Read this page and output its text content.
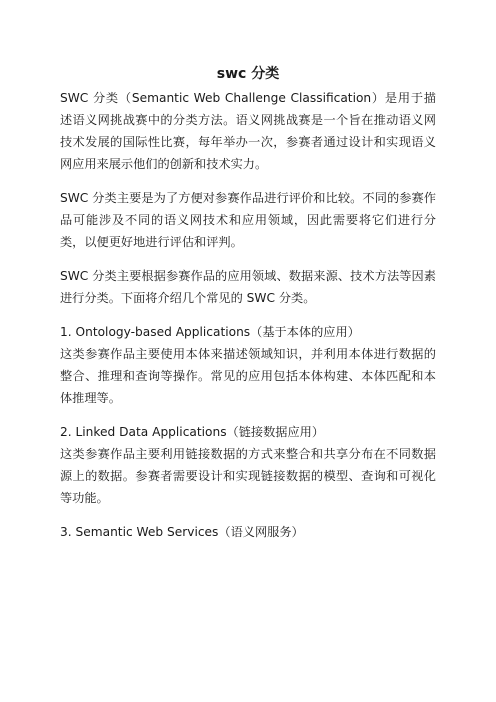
swc 分类

SWC 分类（Semantic Web Challenge Classification）是用于描述语义网挑战赛中的分类方法。语义网挑战赛是一个旨在推动语义网技术发展的国际性比赛，每年举办一次，参赛者通过设计和实现语义网应用来展示他们的创新和技术实力。

SWC 分类主要是为了方便对参赛作品进行评价和比较。不同的参赛作品可能涉及不同的语义网技术和应用领域，因此需要将它们进行分类，以便更好地进行评估和评判。

SWC 分类主要根据参赛作品的应用领域、数据来源、技术方法等因素进行分类。下面将介绍几个常见的 SWC 分类。

1. Ontology-based Applications（基于本体的应用）

这类参赛作品主要使用本体来描述领域知识，并利用本体进行数据的整合、推理和查询等操作。常见的应用包括本体构建、本体匹配和本体推理等。

2. Linked Data Applications（链接数据应用）

这类参赛作品主要利用链接数据的方式来整合和共享分布在不同数据源上的数据。参赛者需要设计和实现链接数据的模型、查询和可视化等功能。

3. Semantic Web Services（语义网服务）
